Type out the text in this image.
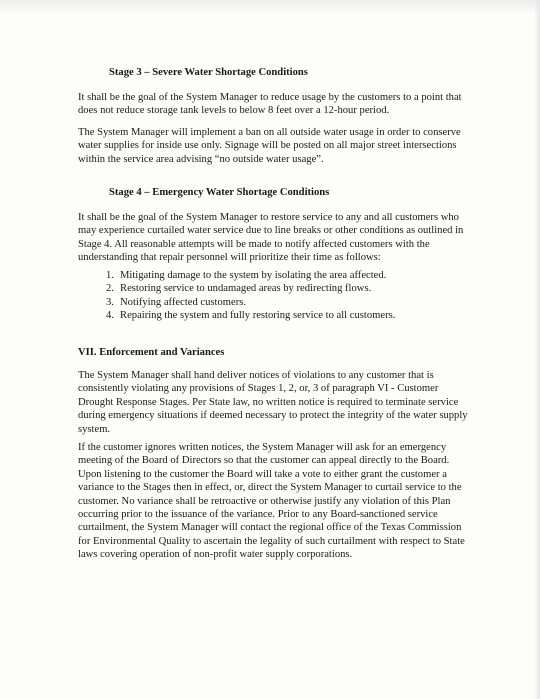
Stage 3 – Severe Water Shortage Conditions
It shall be the goal of the System Manager to reduce usage by the customers to a point that does not reduce storage tank levels to below 8 feet over a 12-hour period.
The System Manager will implement a ban on all outside water usage in order to conserve water supplies for inside use only. Signage will be posted on all major street intersections within the service area advising “no outside water usage”.
Stage 4 – Emergency Water Shortage Conditions
It shall be the goal of the System Manager to restore service to any and all customers who may experience curtailed water service due to line breaks or other conditions as outlined in Stage 4. All reasonable attempts will be made to notify affected customers with the understanding that repair personnel will prioritize their time as follows:
1. Mitigating damage to the system by isolating the area affected.
2. Restoring service to undamaged areas by redirecting flows.
3. Notifying affected customers.
4. Repairing the system and fully restoring service to all customers.
VII. Enforcement and Variances
The System Manager shall hand deliver notices of violations to any customer that is consistently violating any provisions of Stages 1, 2, or, 3 of paragraph VI - Customer Drought Response Stages. Per State law, no written notice is required to terminate service during emergency situations if deemed necessary to protect the integrity of the water supply system.
If the customer ignores written notices, the System Manager will ask for an emergency meeting of the Board of Directors so that the customer can appeal directly to the Board. Upon listening to the customer the Board will take a vote to either grant the customer a variance to the Stages then in effect, or, direct the System Manager to curtail service to the customer. No variance shall be retroactive or otherwise justify any violation of this Plan occurring prior to the issuance of the variance. Prior to any Board-sanctioned service curtailment, the System Manager will contact the regional office of the Texas Commission for Environmental Quality to ascertain the legality of such curtailment with respect to State laws covering operation of non-profit water supply corporations.
